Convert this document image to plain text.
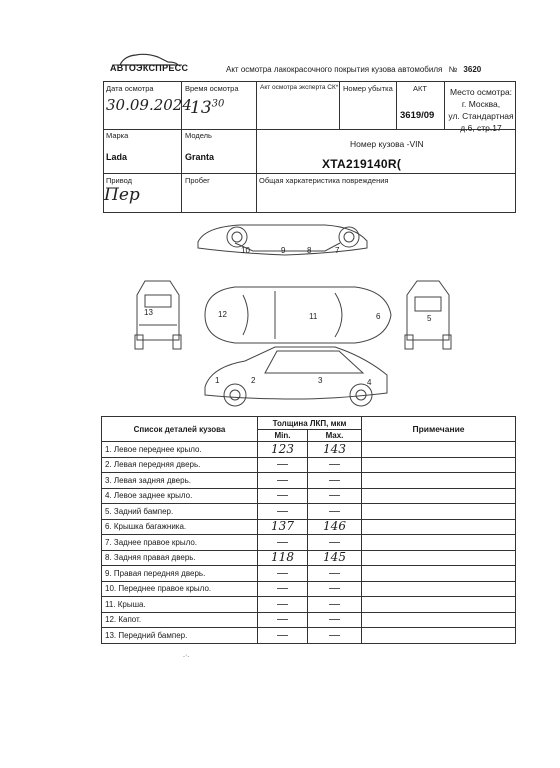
АВТОЭКСПРЕСС	Акт осмотра лакокрасочного покрытия кузова автомобиля № 3620
Дата осмотра
30.09.2024
Время осмотра
$13^{30}$
Акт осмотра эксперта СК* Номер убытка	АКТ
3619/09
Место осмотра:
г. Москва,
ул. Стандартная
д.6, стр.17
Марка
Lada
Модель
Granta
Номер кузова -VIN
XTA219140R(
Привод
Пер
Пробег	Общая харкатеристика повреждения
10	9	8	7
13	12	11	6	5
1	2	3	4
Список деталей кузова	Толщина ЛКП, мкм		Примечание
	Min.	Max.	
1. Левое переднее крыло.	123	143	
2. Левая передняя дверь.	—	—	
3. Левая задняя дверь.	—	—	
4. Левое заднее крыло.	—	—	
5. Задний бампер.	—	—	
6. Крышка багажника.	137	146	
7. Заднее правое крыло.	—	—	
8. Задняя правая дверь.	118	145	
9. Правая передняя дверь.	—	—	
10. Переднее правое крыло.	—	—	
11. Крыша.	—	—	
12. Капот.	—	—	
13. Передний бампер.	—	—	
.·.
